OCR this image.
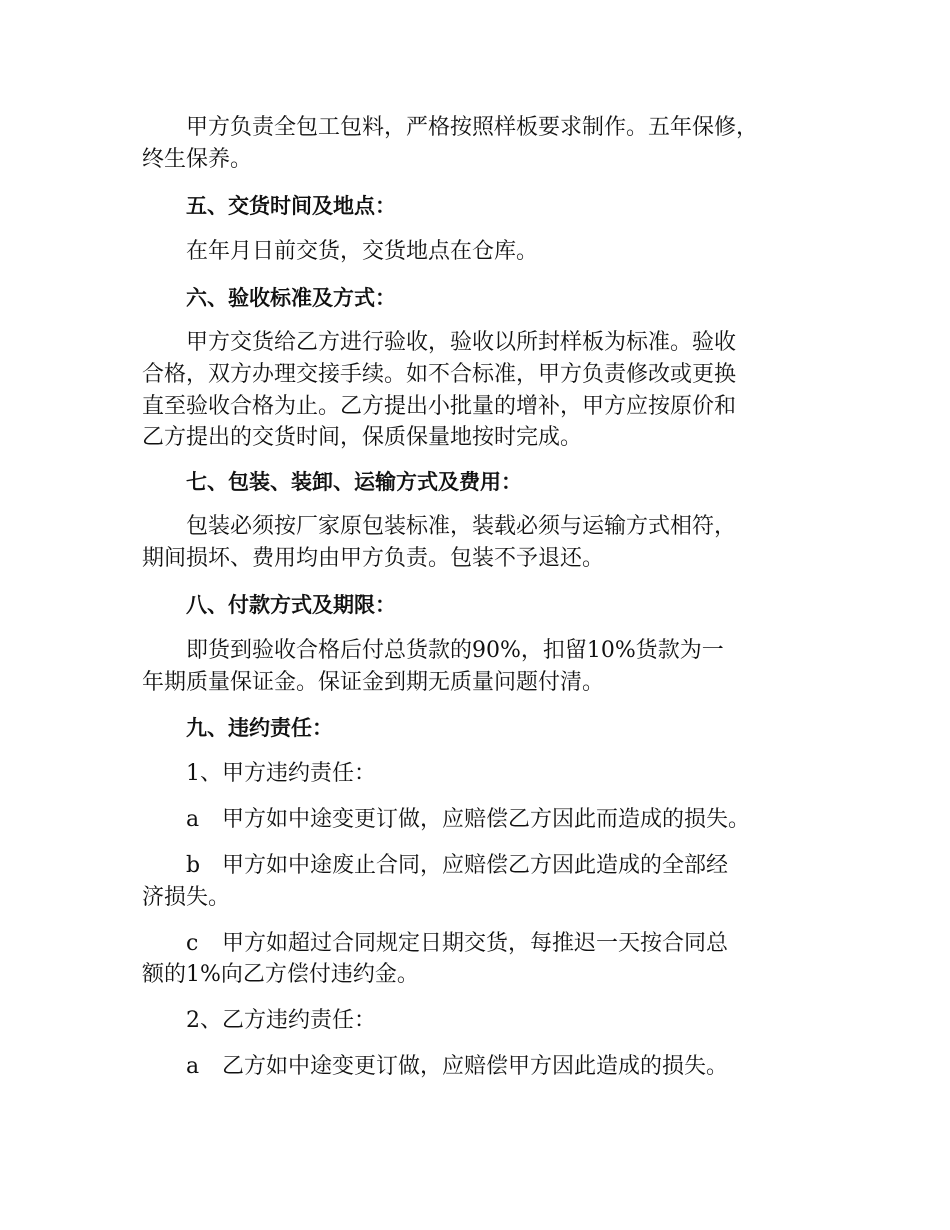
甲方负责全包工包料，严格按照样板要求制作。五年保修，
终生保养。
五、交货时间及地点：
在年月日前交货，交货地点在仓库。
六、验收标准及方式：
甲方交货给乙方进行验收，验收以所封样板为标准。验收
合格，双方办理交接手续。如不合标准，甲方负责修改或更换
直至验收合格为止。乙方提出小批量的增补，甲方应按原价和
乙方提出的交货时间，保质保量地按时完成。
七、包装、装卸、运输方式及费用：
包装必须按厂家原包装标准，装载必须与运输方式相符，
期间损坏、费用均由甲方负责。包装不予退还。
八、付款方式及期限：
即货到验收合格后付总货款的90%，扣留10%货款为一
年期质量保证金。保证金到期无质量问题付清。
九、违约责任：
1、甲方违约责任：
a 甲方如中途变更订做，应赔偿乙方因此而造成的损失。
b 甲方如中途废止合同，应赔偿乙方因此造成的全部经
济损失。
c 甲方如超过合同规定日期交货，每推迟一天按合同总
额的1%向乙方偿付违约金。
2、乙方违约责任：
a 乙方如中途变更订做，应赔偿甲方因此造成的损失。
